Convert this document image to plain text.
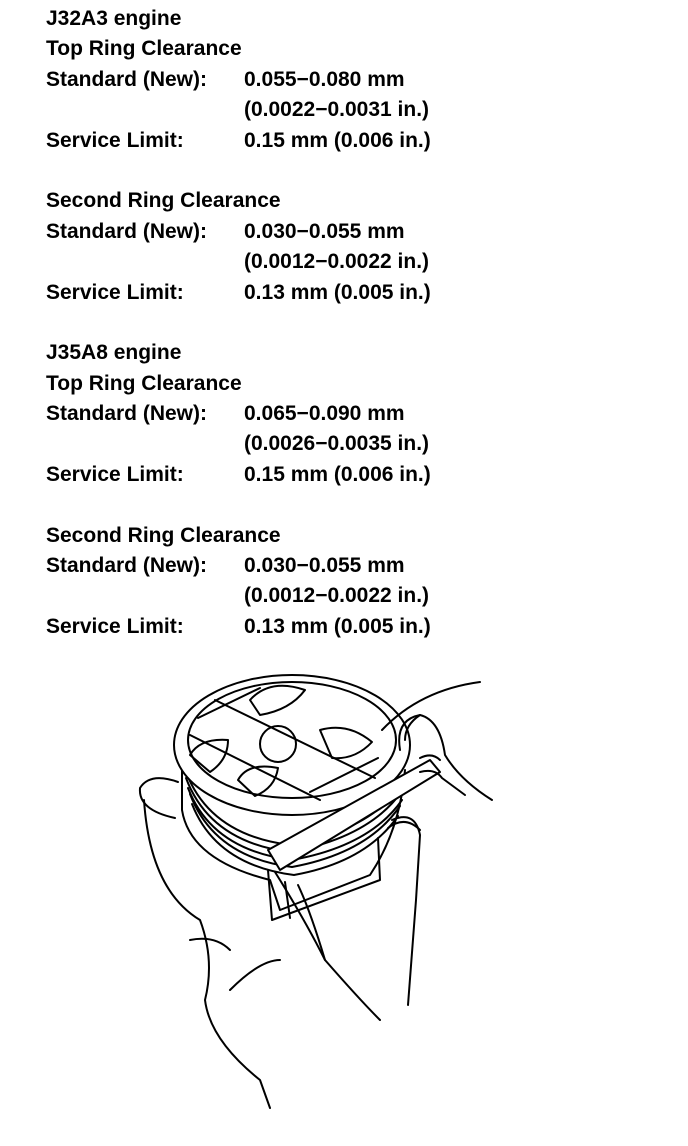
J32A3 engine
Top Ring Clearance
Standard (New): 0.055−0.080 mm
(0.0022−0.0031 in.)
Service Limit:	0.15 mm (0.006 in.)
Second Ring Clearance
Standard (New): 0.030−0.055 mm
(0.0012−0.0022 in.)
Service Limit:	0.13 mm (0.005 in.)
J35A8 engine
Top Ring Clearance
Standard (New): 0.065−0.090 mm
(0.0026−0.0035 in.)
Service Limit:	0.15 mm (0.006 in.)
Second Ring Clearance
Standard (New): 0.030−0.055 mm
(0.0012−0.0022 in.)
Service Limit:	0.13 mm (0.005 in.)
